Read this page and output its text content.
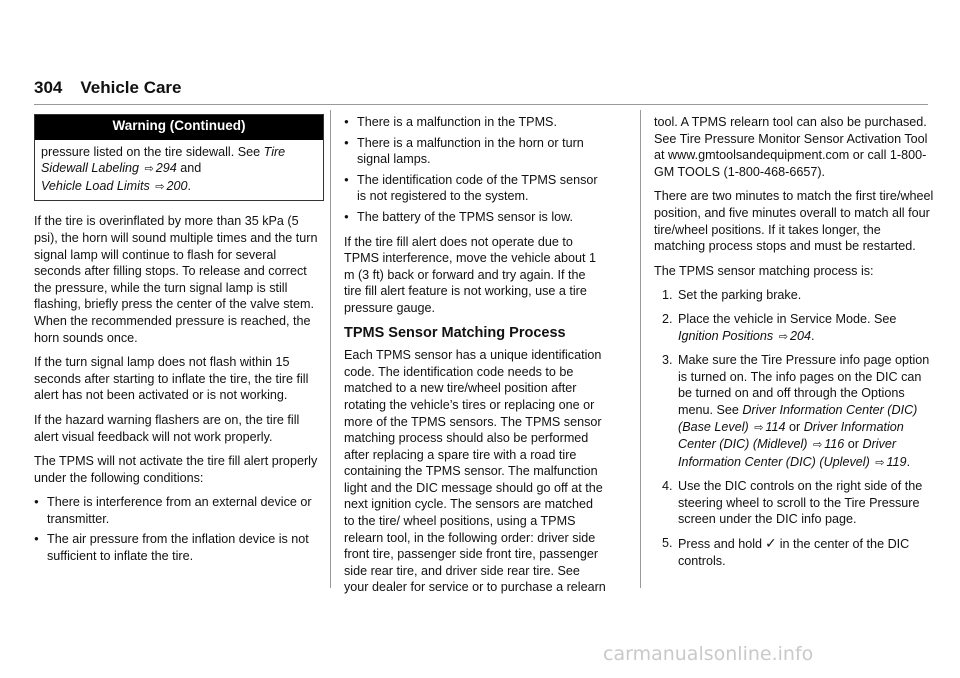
304 Vehicle Care
Warning (Continued)
pressure listed on the tire sidewall. See Tire Sidewall Labeling ⇨ 294 and
Vehicle Load Limits ⇨ 200.

If the tire is overinflated by more than 35 kPa (5 psi), the horn will sound multiple times and the turn signal lamp will continue to flash for several seconds after filling stops. To release and correct the pressure, while the turn signal lamp is still flashing, briefly press the center of the valve stem. When the recommended pressure is reached, the horn sounds once.

If the turn signal lamp does not flash within 15 seconds after starting to inflate the tire, the tire fill alert has not been activated or is not working.

If the hazard warning flashers are on, the tire fill alert visual feedback will not work properly.

The TPMS will not activate the tire fill alert properly under the following conditions:

● There is interference from an external device or transmitter.
● The air pressure from the inflation device is not sufficient to inflate the tire.
● There is a malfunction in the TPMS.
● There is a malfunction in the horn or turn signal lamps.
● The identification code of the TPMS sensor is not registered to the system.
● The battery of the TPMS sensor is low.

If the tire fill alert does not operate due to TPMS interference, move the vehicle about 1 m (3 ft) back or forward and try again. If the tire fill alert feature is not working, use a tire pressure gauge.

TPMS Sensor Matching Process

Each TPMS sensor has a unique identification code. The identification code needs to be matched to a new tire/wheel position after rotating the vehicle’s tires or replacing one or more of the TPMS sensors. The TPMS sensor matching process should also be performed after replacing a spare tire with a road tire containing the TPMS sensor. The malfunction light and the DIC message should go off at the next ignition cycle. The sensors are matched to the tire/ wheel positions, using a TPMS relearn tool, in the following order: driver side front tire, passenger side front tire, passenger side rear tire, and driver side rear tire. See your dealer for service or to purchase a relearn

tool. A TPMS relearn tool can also be purchased. See Tire Pressure Monitor Sensor Activation Tool at www.gmtoolsandequipment.com or call 1-800-GM TOOLS (1-800-468-6657).

There are two minutes to match the first tire/wheel position, and five minutes overall to match all four tire/wheel positions. If it takes longer, the matching process stops and must be restarted.

The TPMS sensor matching process is:

1. Set the parking brake.
2. Place the vehicle in Service Mode. See Ignition Positions ⇨ 204.
3. Make sure the Tire Pressure info page option is turned on. The info pages on the DIC can be turned on and off through the Options menu. See Driver Information Center (DIC) (Base Level) ⇨ 114 or Driver Information Center (DIC) (Midlevel) ⇨ 116 or Driver Information Center (DIC) (Uplevel) ⇨ 119.
4. Use the DIC controls on the right side of the steering wheel to scroll to the Tire Pressure screen under the DIC info page.
5. Press and hold ✓ in the center of the DIC controls.
carmanualsonline.info
